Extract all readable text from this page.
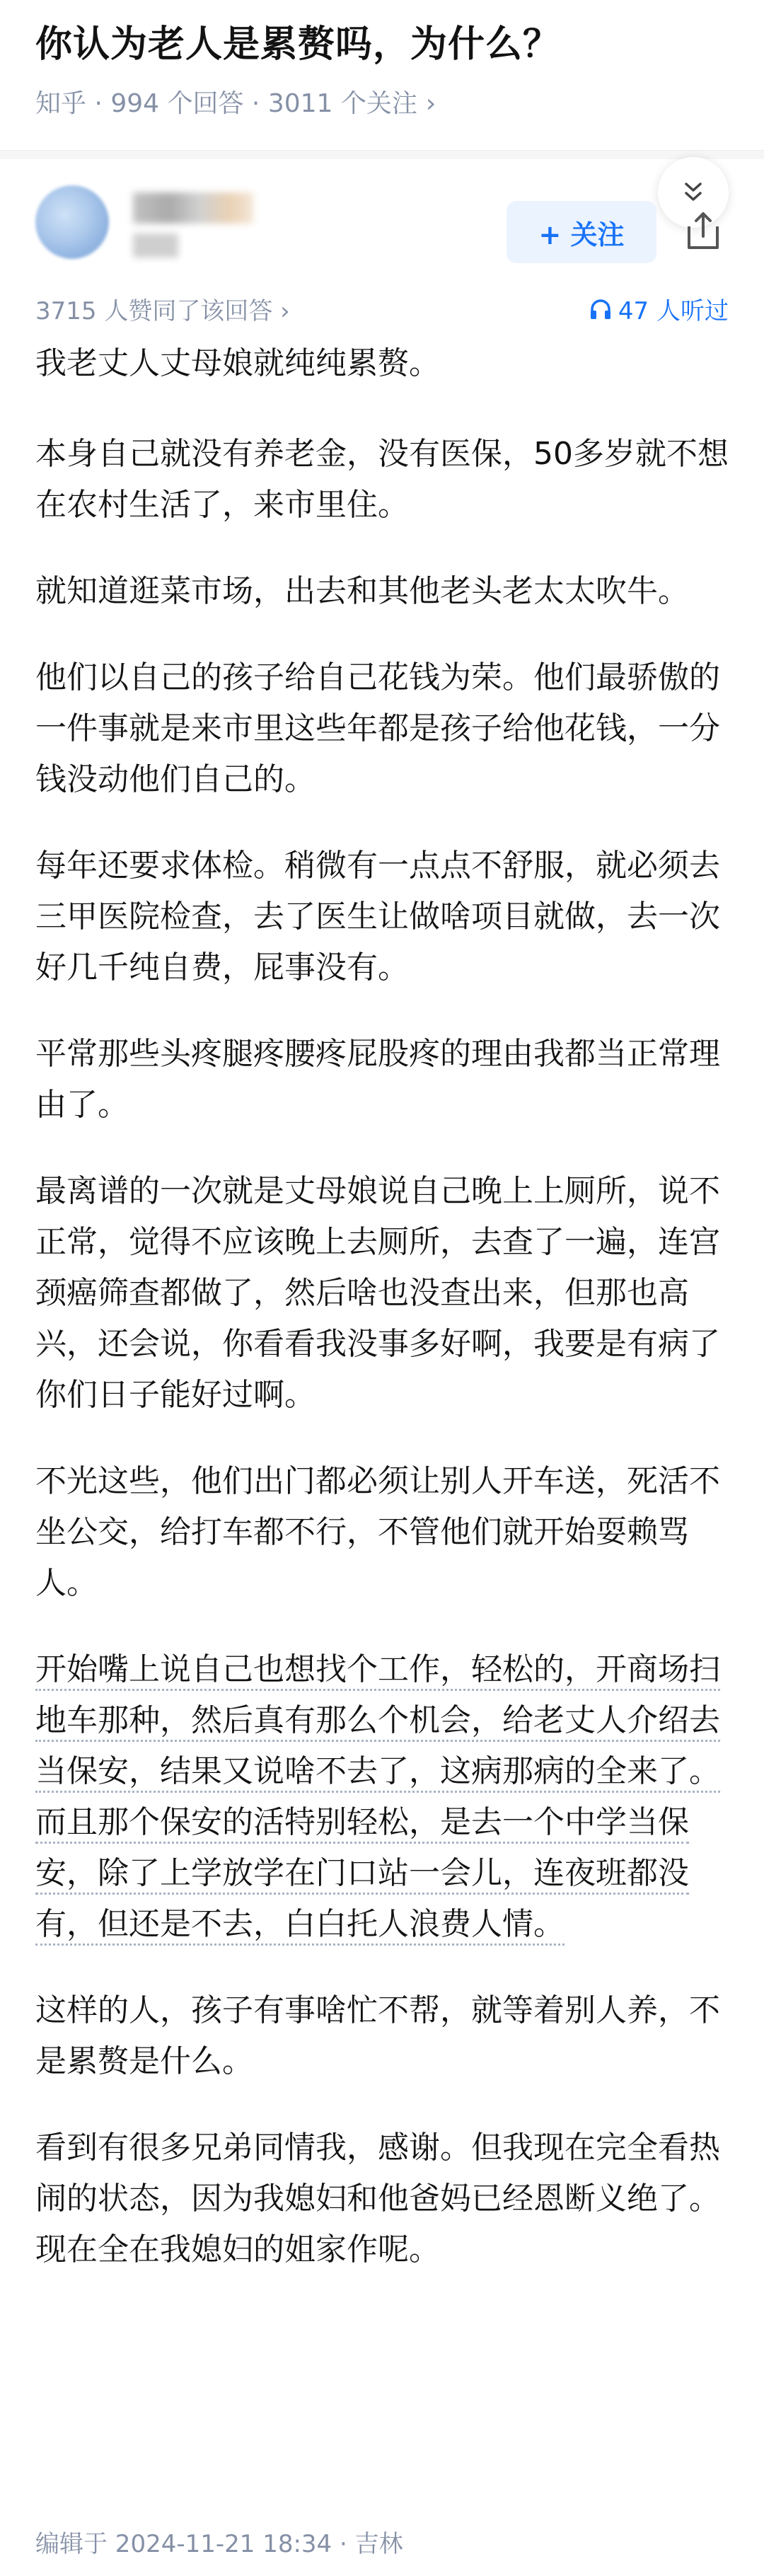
你认为老人是累赘吗，为什么？
知乎 · 994 个回答 · 3011 个关注 ›
+ 关注
3715 人赞同了该回答 ›	47 人听过

我老丈人丈母娘就纯纯累赘。

本身自己就没有养老金，没有医保，50多岁就不想在农村生活了，来市里住。

就知道逛菜市场，出去和其他老头老太太吹牛。

他们以自己的孩子给自己花钱为荣。他们最骄傲的一件事就是来市里这些年都是孩子给他花钱，一分钱没动他们自己的。

每年还要求体检。稍微有一点点不舒服，就必须去三甲医院检查，去了医生让做啥项目就做，去一次好几千纯自费，屁事没有。

平常那些头疼腿疼腰疼屁股疼的理由我都当正常理由了。

最离谱的一次就是丈母娘说自己晚上上厕所，说不正常，觉得不应该晚上去厕所，去查了一遍，连宫颈癌筛查都做了，然后啥也没查出来，但那也高兴，还会说，你看看我没事多好啊，我要是有病了你们日子能好过啊。

不光这些，他们出门都必须让别人开车送，死活不坐公交，给打车都不行，不管他们就开始耍赖骂人。

开始嘴上说自己也想找个工作，轻松的，开商场扫地车那种，然后真有那么个机会，给老丈人介绍去当保安，结果又说啥不去了，这病那病的全来了。而且那个保安的活特别轻松，是去一个中学当保安，除了上学放学在门口站一会儿，连夜班都没有，但还是不去，白白托人浪费人情。

这样的人，孩子有事啥忙不帮，就等着别人养，不是累赘是什么。

看到有很多兄弟同情我，感谢。但我现在完全看热闹的状态，因为我媳妇和他爸妈已经恩断义绝了。现在全在我媳妇的姐家作呢。

编辑于 2024-11-21 18:34 · 吉林
